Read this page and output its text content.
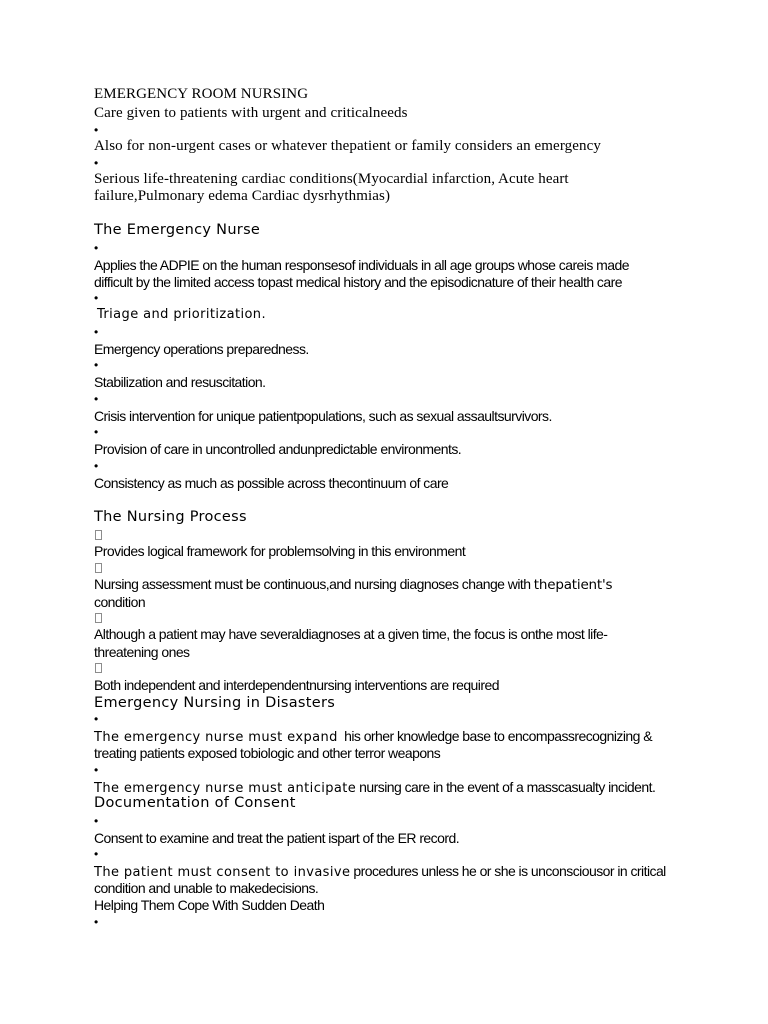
EMERGENCY ROOM NURSING
Care given to patients with urgent and criticalneeds
•
Also for non-urgent cases or whatever thepatient or family considers an emergency
•
Serious life-threatening cardiac conditions(Myocardial infarction, Acute heart
failure,Pulmonary edema Cardiac dysrhythmias)
The Emergency Nurse
•
Applies the ADPIE on the human responsesof individuals in all age groups whose careis made
difficult by the limited access topast medical history and the episodicnature of their health care
•
Triage and prioritization.
•
Emergency operations preparedness.
•
Stabilization and resuscitation.
•
Crisis intervention for unique patientpopulations, such as sexual assaultsurvivors.
•
Provision of care in uncontrolled andunpredictable environments.
•
Consistency as much as possible across thecontinuum of care
The Nursing Process
Provides logical framework for problemsolving in this environment
Nursing assessment must be continuous,and nursing diagnoses change with thepatient's
condition
Although a patient may have severaldiagnoses at a given time, the focus is onthe most life-
threatening ones
Both independent and interdependentnursing interventions are required
Emergency Nursing in Disasters
•
The emergency nurse must expand his orher knowledge base to encompassrecognizing &
treating patients exposed tobiologic and other terror weapons
•
The emergency nurse must anticipate nursing care in the event of a masscasualty incident.
Documentation of Consent
•
Consent to examine and treat the patient ispart of the ER record.
•
The patient must consent to invasive procedures unless he or she is unconsciousor in critical
condition and unable to makedecisions.
Helping Them Cope With Sudden Death
•
